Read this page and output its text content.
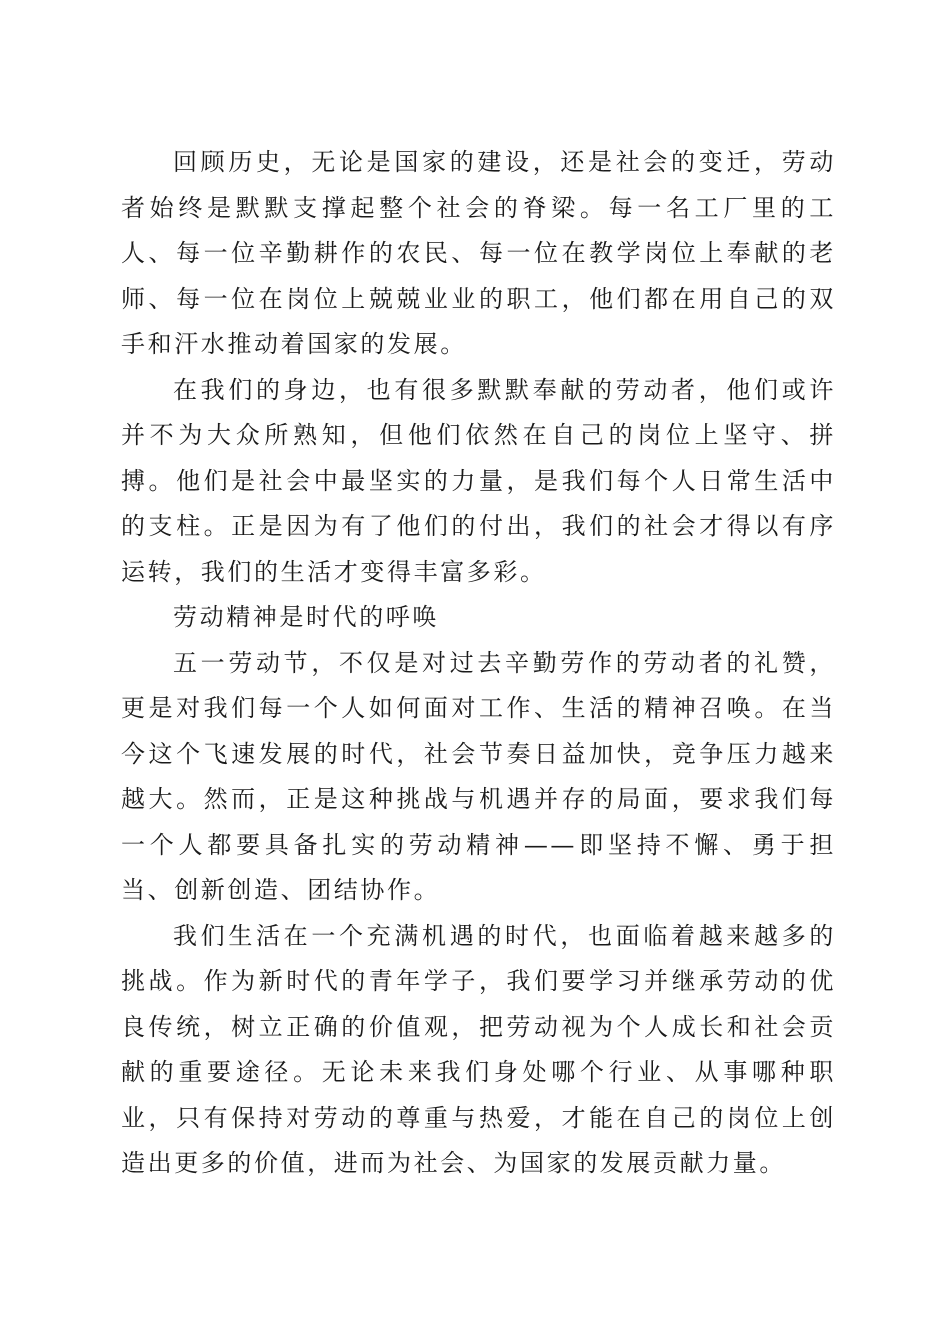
回顾历史，无论是国家的建设，还是社会的变迁，劳动者始终是默默支撑起整个社会的脊梁。每一名工厂里的工人、每一位辛勤耕作的农民、每一位在教学岗位上奉献的老师、每一位在岗位上兢兢业业的职工，他们都在用自己的双手和汗水推动着国家的发展。

在我们的身边，也有很多默默奉献的劳动者，他们或许并不为大众所熟知，但他们依然在自己的岗位上坚守、拼搏。他们是社会中最坚实的力量，是我们每个人日常生活中的支柱。正是因为有了他们的付出，我们的社会才得以有序运转，我们的生活才变得丰富多彩。

劳动精神是时代的呼唤

五一劳动节，不仅是对过去辛勤劳作的劳动者的礼赞，更是对我们每一个人如何面对工作、生活的精神召唤。在当今这个飞速发展的时代，社会节奏日益加快，竞争压力越来越大。然而，正是这种挑战与机遇并存的局面，要求我们每一个人都要具备扎实的劳动精神——即坚持不懈、勇于担当、创新创造、团结协作。

我们生活在一个充满机遇的时代，也面临着越来越多的挑战。作为新时代的青年学子，我们要学习并继承劳动的优良传统，树立正确的价值观，把劳动视为个人成长和社会贡献的重要途径。无论未来我们身处哪个行业、从事哪种职业，只有保持对劳动的尊重与热爱，才能在自己的岗位上创造出更多的价值，进而为社会、为国家的发展贡献力量。
